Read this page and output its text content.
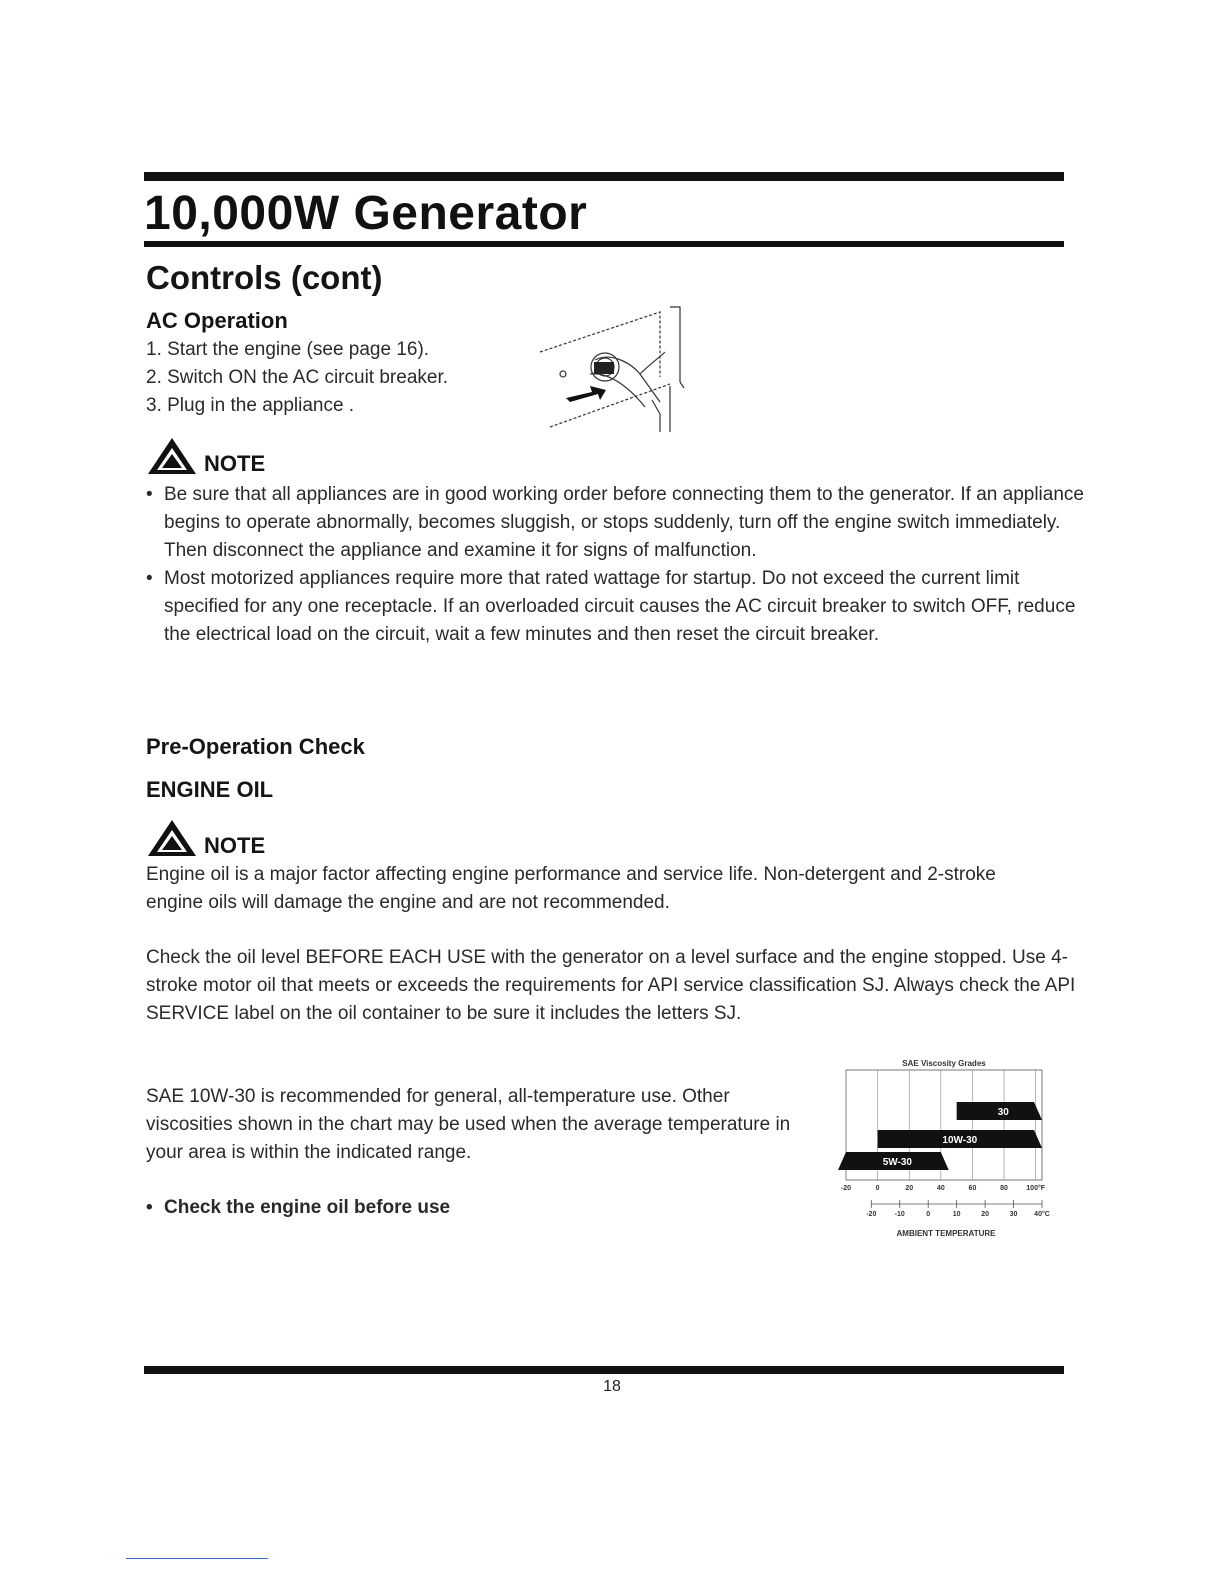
10,000W Generator
Controls (cont)
AC Operation
1. Start the engine (see page 16).
2. Switch ON the AC circuit breaker.
3. Plug in the appliance .
NOTE
• Be sure that all appliances are in good working order before connecting them to the generator. If an appliance begins to operate abnormally, becomes sluggish, or stops suddenly, turn off the engine switch immediately. Then disconnect the appliance and examine it for signs of malfunction.
• Most motorized appliances require more that rated wattage for startup. Do not exceed the current limit specified for any one receptacle. If an overloaded circuit causes the AC circuit breaker to switch OFF, reduce the electrical load on the circuit, wait a few minutes and then reset the circuit breaker.
Pre-Operation Check
ENGINE OIL
NOTE

Engine oil is a major factor affecting engine performance and service life. Non-detergent and 2-stroke engine oils will damage the engine and are not recommended.

Check the oil level BEFORE EACH USE with the generator on a level surface and the engine stopped. Use 4-stroke motor oil that meets or exceeds the requirements for API service classification SJ. Always check the API SERVICE label on the oil container to be sure it includes the letters SJ.

SAE 10W-30 is recommended for general, all-temperature use. Other viscosities shown in the chart may be used when the average temperature in your area is within the indicated range.

• Check the engine oil before use
SAE Viscosity Grades
30
10W-30
5W-30
-20	0	20	40	60	80	100°F
-20	-10	0	10	20	30 40°C
AMBIENT TEMPERATURE
18
